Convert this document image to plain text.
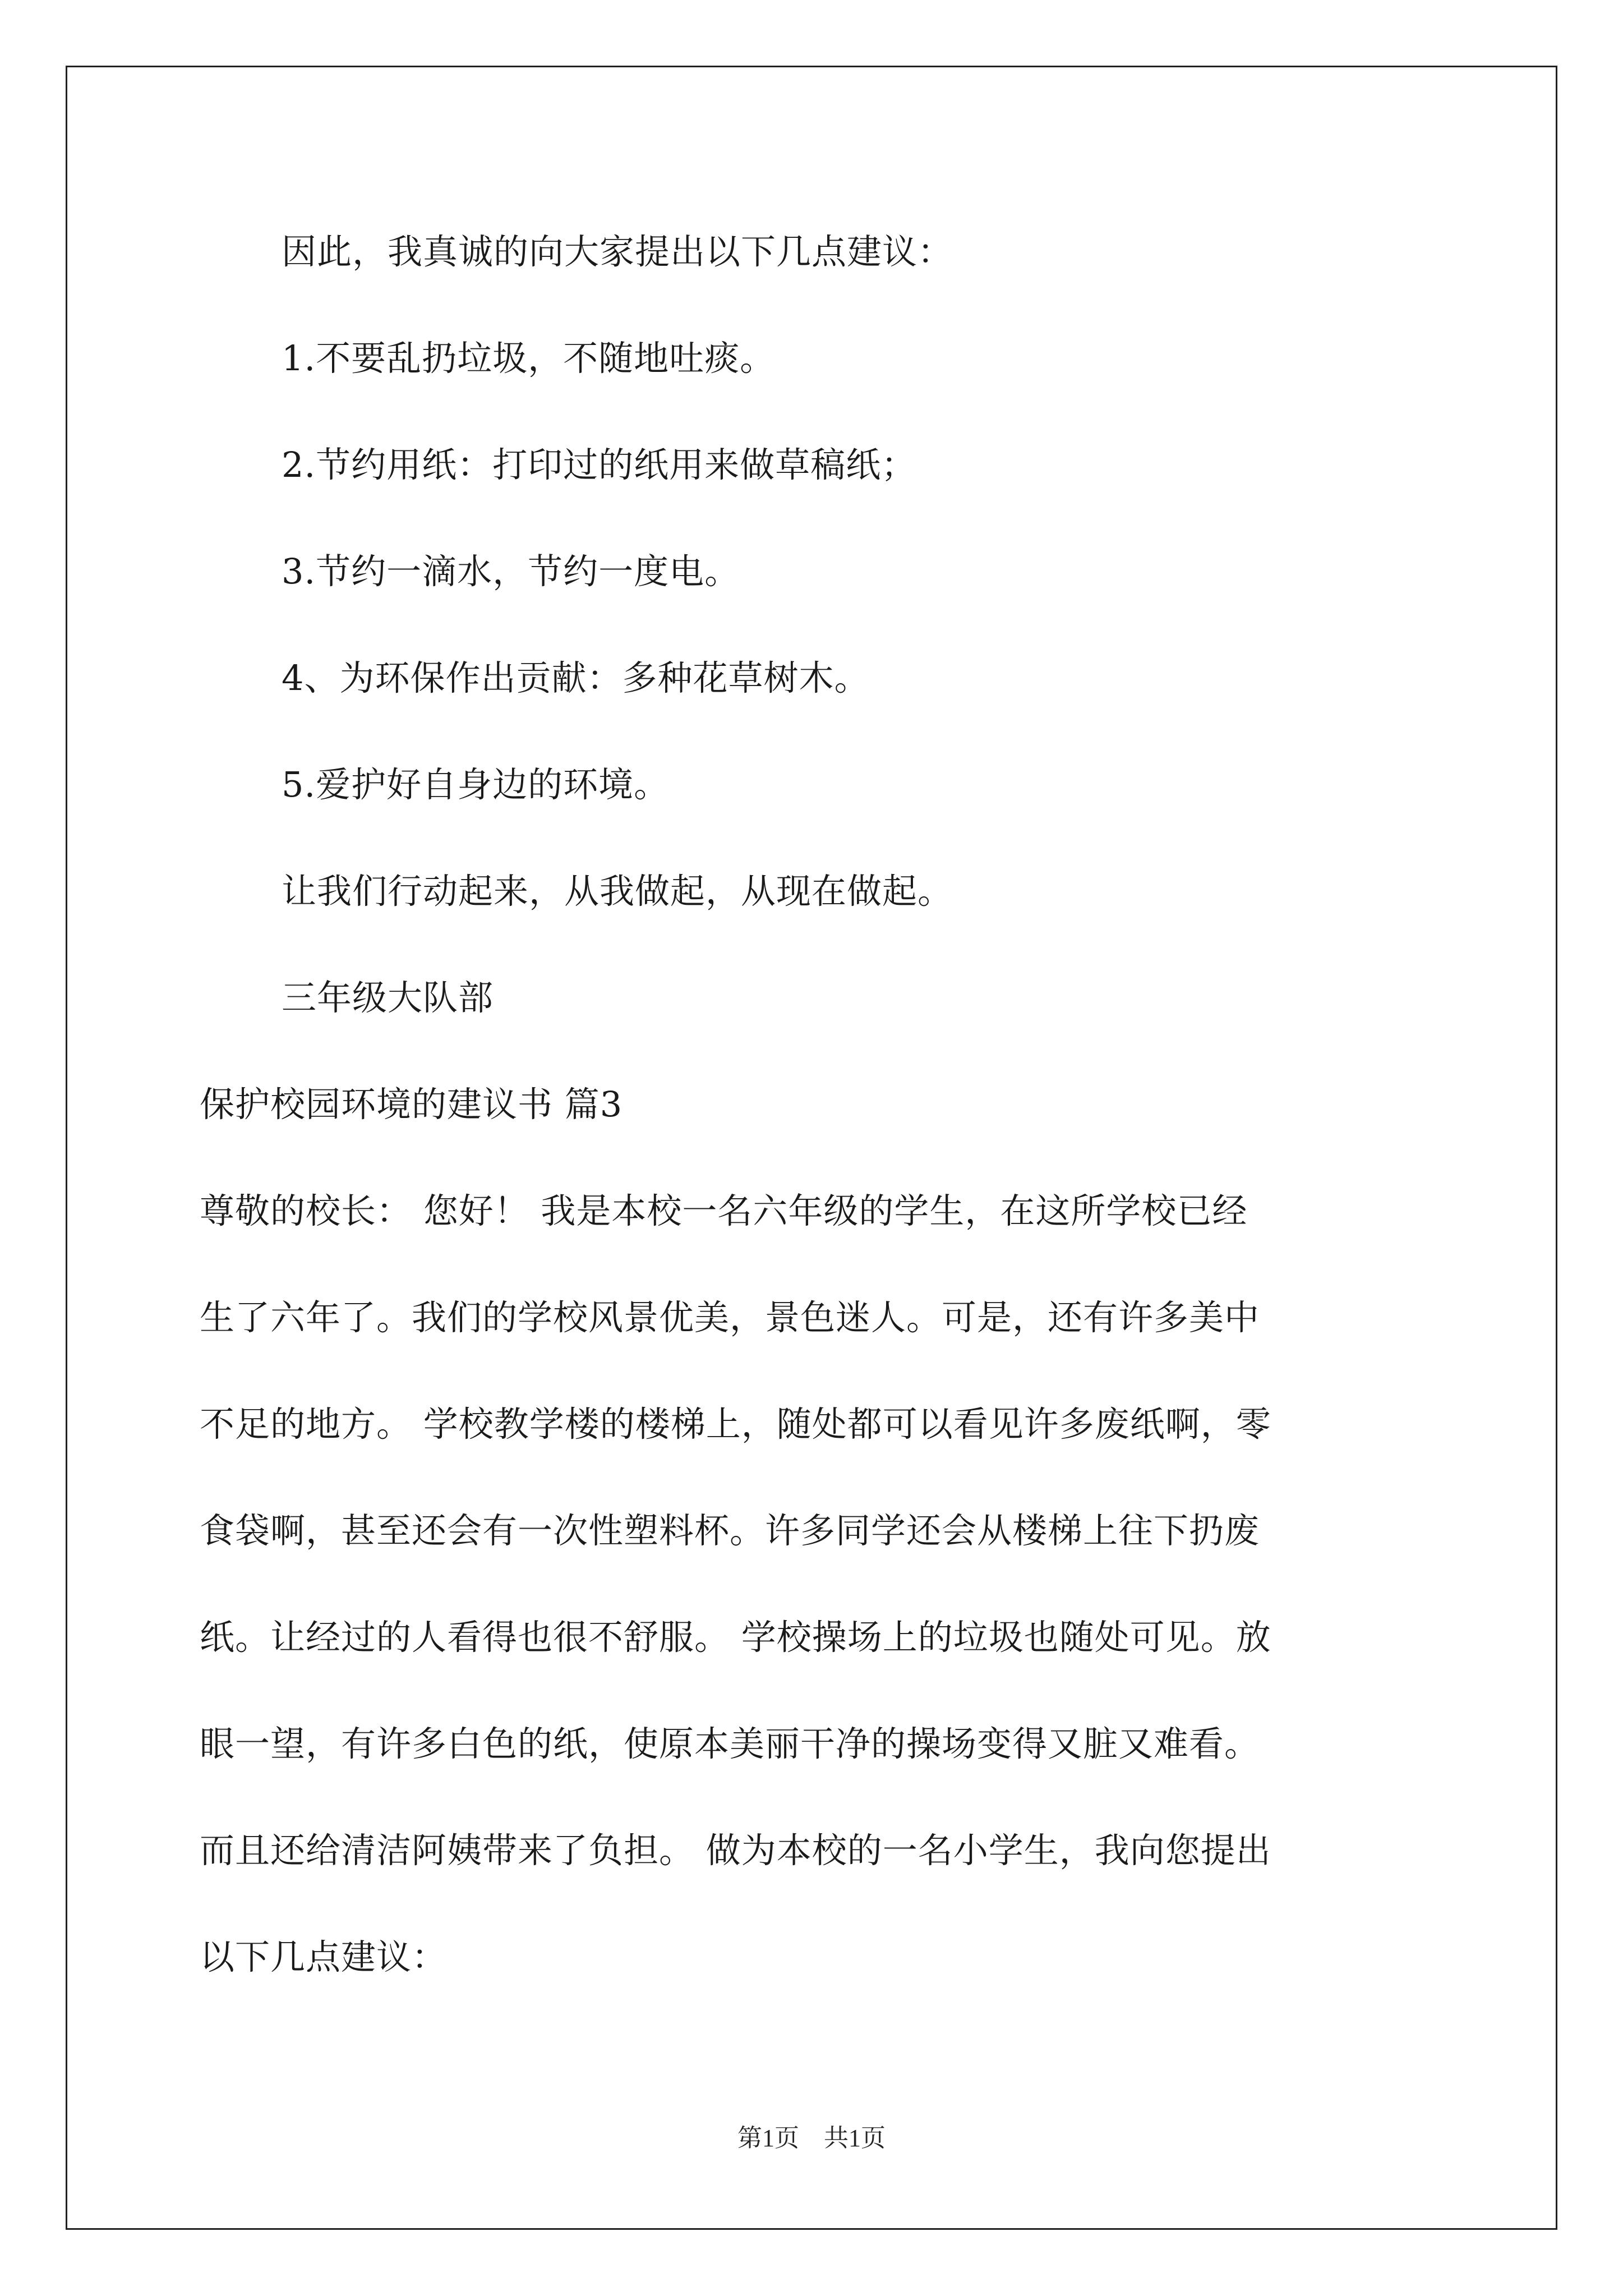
因此，我真诚的向大家提出以下几点建议：
1.不要乱扔垃圾，不随地吐痰。
2.节约用纸：打印过的纸用来做草稿纸；
3.节约一滴水，节约一度电。
4、为环保作出贡献：多种花草树木。
5.爱护好自身边的环境。
让我们行动起来，从我做起，从现在做起。
三年级大队部
保护校园环境的建议书 篇3
尊敬的校长： 您好！ 我是本校一名六年级的学生，在这所学校已经
生了六年了。我们的学校风景优美，景色迷人。可是，还有许多美中
不足的地方。 学校教学楼的楼梯上，随处都可以看见许多废纸啊，零
食袋啊，甚至还会有一次性塑料杯。许多同学还会从楼梯上往下扔废
纸。让经过的人看得也很不舒服。 学校操场上的垃圾也随处可见。放
眼一望，有许多白色的纸，使原本美丽干净的操场变得又脏又难看。
而且还给清洁阿姨带来了负担。 做为本校的一名小学生，我向您提出
以下几点建议：
第1页　共1页
